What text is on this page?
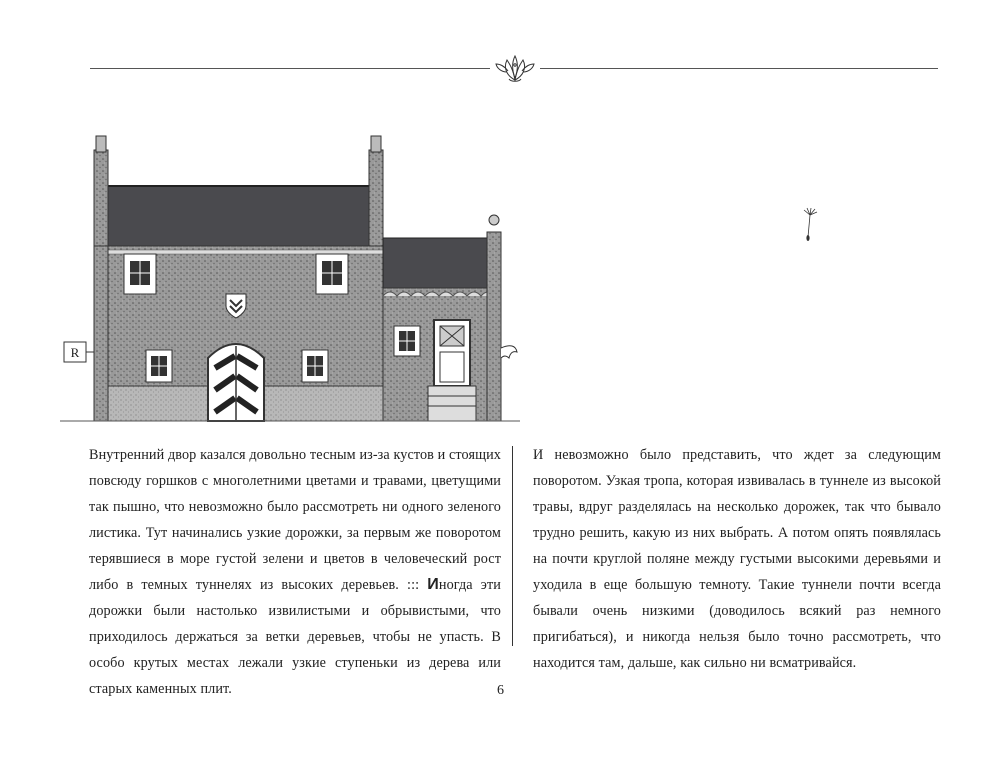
R
Внутренний двор казался довольно тесным из-за кустов и стоящих повсюду горшков с многолетними цветами и травами, цветущими так пышно, что невозможно было рассмотреть ни одного зеленого листика. Тут начинались узкие дорожки, за первым же поворотом терявшиеся в море густой зелени и цветов в человеческий рост либо в темных туннелях из высоких деревьев. ::: Иногда эти дорожки были настолько извилистыми и обрывистыми, что приходилось держаться за ветки деревьев, чтобы не упасть. В особо крутых местах лежали узкие ступеньки из дерева или старых каменных плит.
И невозможно было представить, что ждет за следующим поворотом. Узкая тропа, которая извивалась в туннеле из высокой травы, вдруг разделялась на несколько дорожек, так что бывало трудно решить, какую из них выбрать. А потом опять появлялась на почти круглой поляне между густыми высокими деревьями и уходила в еще большую темноту. Такие туннели почти всегда бывали очень низкими (доводилось всякий раз немного пригибаться), и никогда нельзя было точно рассмотреть, что находится там, дальше, как сильно ни всматривайся.
6
